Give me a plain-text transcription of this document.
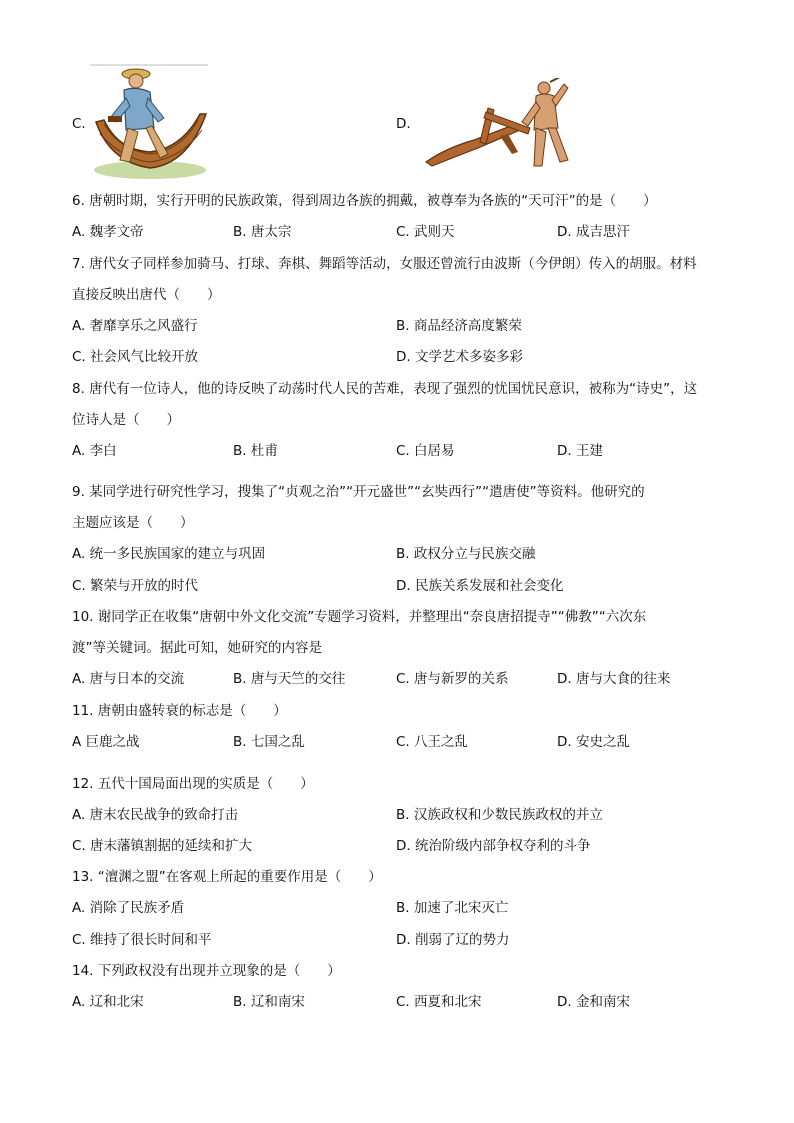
C.	D.
6. 唐朝时期，实行开明的民族政策，得到周边各族的拥戴，被尊奉为各族的“天可汗”的是（　　）
A. 魏孝文帝	B. 唐太宗	C. 武则天	D. 成吉思汗
7. 唐代女子同样参加骑马、打球、奔棋、舞蹈等活动，女服还曾流行由波斯（今伊朗）传入的胡服。材料
直接反映出唐代（　　）
A. 奢靡享乐之风盛行	B. 商品经济高度繁荣
C. 社会风气比较开放	D. 文学艺术多姿多彩
8. 唐代有一位诗人，他的诗反映了动荡时代人民的苦难，表现了强烈的忧国忧民意识，被称为“诗史”，这
位诗人是（　　）
A. 李白	B. 杜甫	C. 白居易	D. 王建
9. 某同学进行研究性学习，搜集了“贞观之治”“开元盛世”“玄奘西行”“遣唐使”等资料。他研究的
主题应该是（　　）
A. 统一多民族国家的建立与巩固	B. 政权分立与民族交融
C. 繁荣与开放的时代	D. 民族关系发展和社会变化
10. 谢同学正在收集“唐朝中外文化交流”专题学习资料，并整理出“奈良唐招提寺”“佛教”“六次东
渡”等关键词。据此可知，她研究的内容是
A. 唐与日本的交流	B. 唐与天竺的交往	C. 唐与新罗的关系	D. 唐与大食的往来
11. 唐朝由盛转衰的标志是（　　）
A 巨鹿之战	B. 七国之乱	C. 八王之乱	D. 安史之乱
12. 五代十国局面出现的实质是（　　）
A. 唐末农民战争的致命打击	B. 汉族政权和少数民族政权的并立
C. 唐末藩镇割据的延续和扩大	D. 统治阶级内部争权夺利的斗争
13. “澶渊之盟”在客观上所起的重要作用是（　　）
A. 消除了民族矛盾	B. 加速了北宋灭亡
C. 维持了很长时间和平	D. 削弱了辽的势力
14. 下列政权没有出现并立现象的是（　　）
A. 辽和北宋	B. 辽和南宋	C. 西夏和北宋	D. 金和南宋
